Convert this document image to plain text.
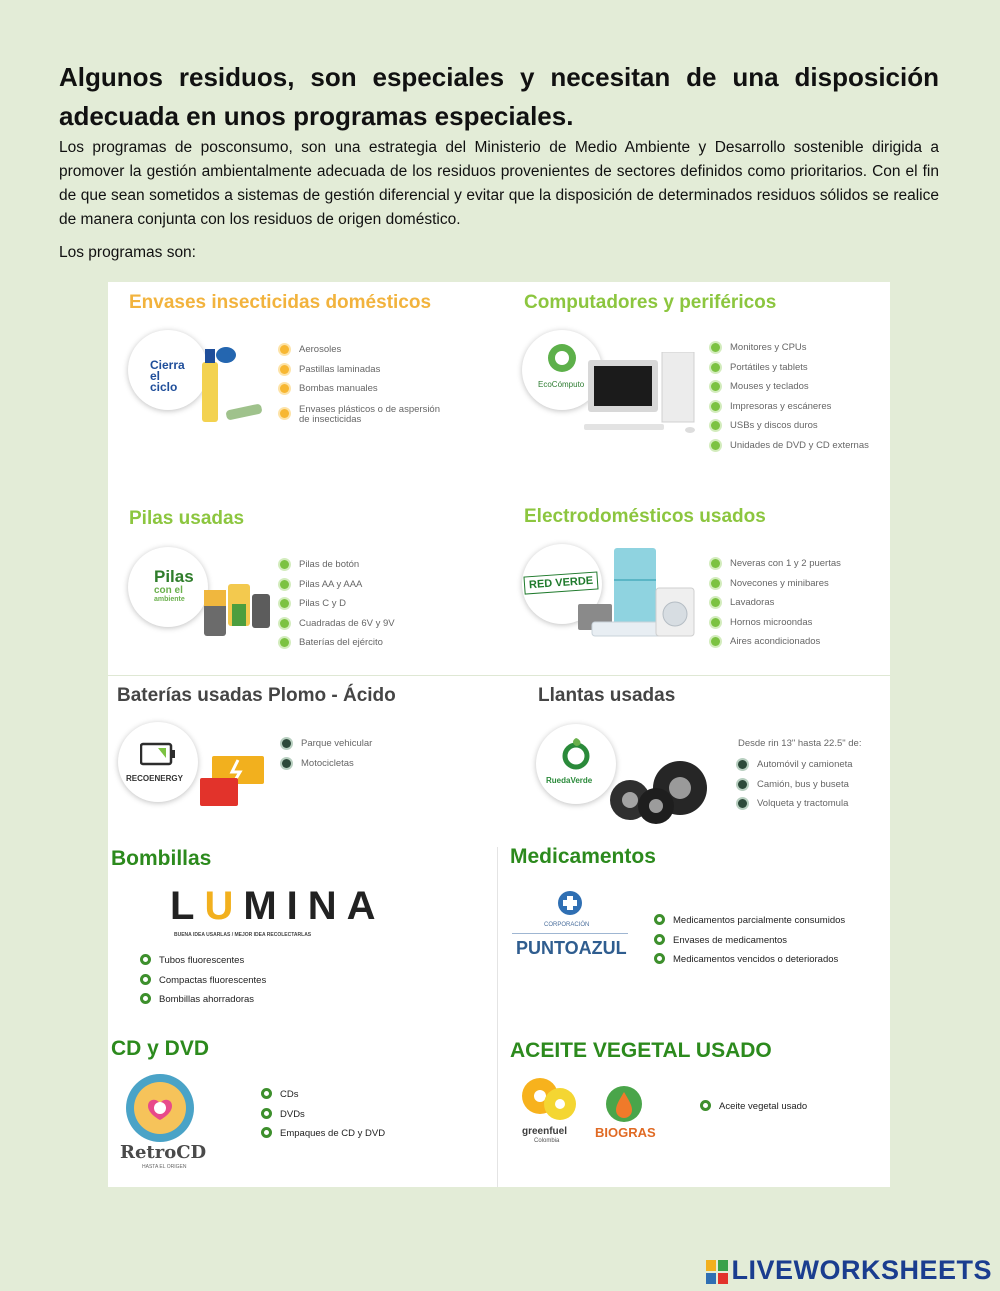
Algunos residuos, son especiales y necesitan de una disposición adecuada en unos programas especiales.
Los programas de posconsumo, son una estrategia del Ministerio de Medio Ambiente y Desarrollo sostenible dirigida a promover la gestión ambientalmente adecuada de los residuos provenientes de sectores definidos como prioritarios. Con el fin de que sean sometidos a sistemas de gestión diferencial y evitar que la disposición de determinados residuos sólidos se realice de manera conjunta con los residuos de origen doméstico.
Los programas son:
Envases insecticidas domésticos
Cierra el ciclo
Aerosoles
Pastillas laminadas
Bombas manuales
Envases plásticos o de aspersión
de insecticidas
Computadores y periféricos
EcoCómputo
Monitores y CPUs
Portátiles y tablets
Mouses y teclados
Impresoras y escáneres
USBs y discos duros
Unidades de DVD y CD externas
Pilas usadas
Pilas
con el
ambiente
Pilas de botón
Pilas AA y AAA
Pilas C y D
Cuadradas de 6V y 9V
Baterías del ejército
Electrodomésticos usados
RED VERDE
Neveras con 1 y 2 puertas
Novecones y minibares
Lavadoras
Hornos microondas
Aires acondicionados
Baterías usadas Plomo - Ácido
RECOENERGY
Parque vehicular
Motocicletas
Llantas usadas
RuedaVerde
Desde rin 13" hasta 22.5" de:
Automóvil y camioneta
Camión, bus y buseta
Volqueta y tractomula
Bombillas
LUMINA
BUENA IDEA USARLAS / MEJOR IDEA RECOLECTARLAS
Tubos fluorescentes
Compactas fluorescentes
Bombillas ahorradoras
Medicamentos
CORPORACIÓN
PUNTOAZUL
Medicamentos parcialmente consumidos
Envases de medicamentos
Medicamentos vencidos o deteriorados
CD y DVD
RetroCD
HASTA EL ORIGEN
CDs
DVDs
Empaques de CD y DVD
ACEITE VEGETAL USADO
greenfuel
Colombia
BIOGRAS
Aceite vegetal usado
LIVEWORKSHEETS
